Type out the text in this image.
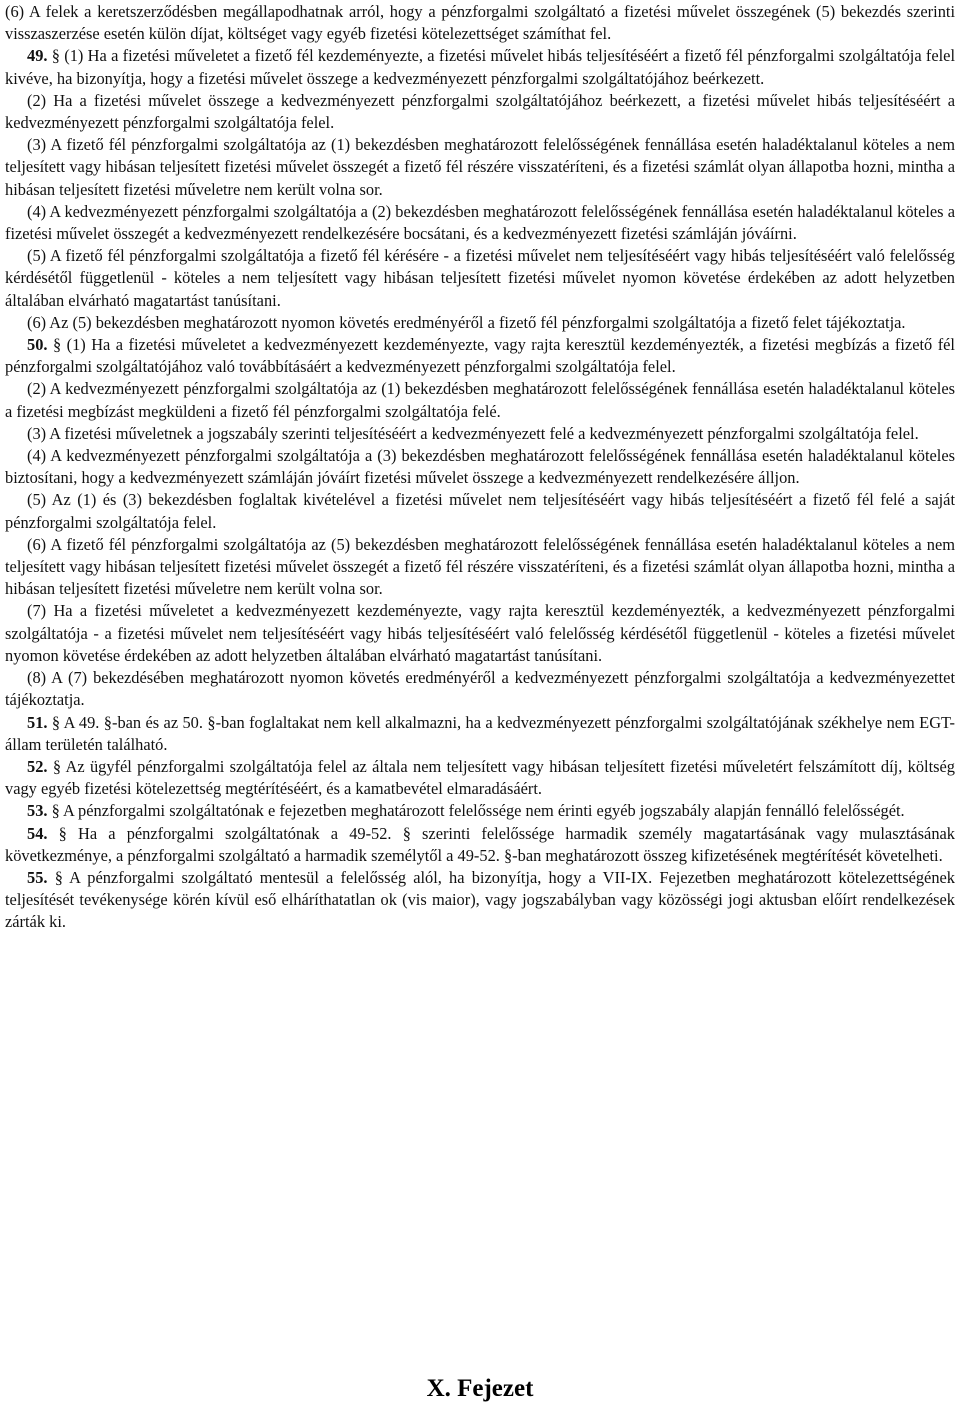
(6) A felek a keretszerződésben megállapodhatnak arról, hogy a pénzforgalmi szolgáltató a fizetési művelet összegének (5) bekezdés szerinti visszaszerzése esetén külön díjat, költséget vagy egyéb fizetési kötelezettséget számíthat fel.

49. § (1) Ha a fizetési műveletet a fizető fél kezdeményezte, a fizetési művelet hibás teljesítéséért a fizető fél pénzforgalmi szolgáltatója felel kivéve, ha bizonyítja, hogy a fizetési művelet összege a kedvezményezett pénzforgalmi szolgáltatójához beérkezett.

(2) Ha a fizetési művelet összege a kedvezményezett pénzforgalmi szolgáltatójához beérkezett, a fizetési művelet hibás teljesítéséért a kedvezményezett pénzforgalmi szolgáltatója felel.

(3) A fizető fél pénzforgalmi szolgáltatója az (1) bekezdésben meghatározott felelősségének fennállása esetén haladéktalanul köteles a nem teljesített vagy hibásan teljesített fizetési művelet összegét a fizető fél részére visszatéríteni, és a fizetési számlát olyan állapotba hozni, mintha a hibásan teljesített fizetési műveletre nem került volna sor.

(4) A kedvezményezett pénzforgalmi szolgáltatója a (2) bekezdésben meghatározott felelősségének fennállása esetén haladéktalanul köteles a fizetési művelet összegét a kedvezményezett rendelkezésére bocsátani, és a kedvezményezett fizetési számláján jóváírni.

(5) A fizető fél pénzforgalmi szolgáltatója a fizető fél kérésére - a fizetési művelet nem teljesítéséért vagy hibás teljesítéséért való felelősség kérdésétől függetlenül - köteles a nem teljesített vagy hibásan teljesített fizetési művelet nyomon követése érdekében az adott helyzetben általában elvárható magatartást tanúsítani.

(6) Az (5) bekezdésben meghatározott nyomon követés eredményéről a fizető fél pénzforgalmi szolgáltatója a fizető felet tájékoztatja.

50. § (1) Ha a fizetési műveletet a kedvezményezett kezdeményezte, vagy rajta keresztül kezdeményezték, a fizetési megbízás a fizető fél pénzforgalmi szolgáltatójához való továbbításáért a kedvezményezett pénzforgalmi szolgáltatója felel.

(2) A kedvezményezett pénzforgalmi szolgáltatója az (1) bekezdésben meghatározott felelősségének fennállása esetén haladéktalanul köteles a fizetési megbízást megküldeni a fizető fél pénzforgalmi szolgáltatója felé.

(3) A fizetési műveletnek a jogszabály szerinti teljesítéséért a kedvezményezett felé a kedvezményezett pénzforgalmi szolgáltatója felel.

(4) A kedvezményezett pénzforgalmi szolgáltatója a (3) bekezdésben meghatározott felelősségének fennállása esetén haladéktalanul köteles biztosítani, hogy a kedvezményezett számláján jóváírt fizetési művelet összege a kedvezményezett rendelkezésére álljon.

(5) Az (1) és (3) bekezdésben foglaltak kivételével a fizetési művelet nem teljesítéséért vagy hibás teljesítéséért a fizető fél felé a saját pénzforgalmi szolgáltatója felel.

(6) A fizető fél pénzforgalmi szolgáltatója az (5) bekezdésben meghatározott felelősségének fennállása esetén haladéktalanul köteles a nem teljesített vagy hibásan teljesített fizetési művelet összegét a fizető fél részére visszatéríteni, és a fizetési számlát olyan állapotba hozni, mintha a hibásan teljesített fizetési műveletre nem került volna sor.

(7) Ha a fizetési műveletet a kedvezményezett kezdeményezte, vagy rajta keresztül kezdeményezték, a kedvezményezett pénzforgalmi szolgáltatója - a fizetési művelet nem teljesítéséért vagy hibás teljesítéséért való felelősség kérdésétől függetlenül - köteles a fizetési művelet nyomon követése érdekében az adott helyzetben általában elvárható magatartást tanúsítani.

(8) A (7) bekezdésében meghatározott nyomon követés eredményéről a kedvezményezett pénzforgalmi szolgáltatója a kedvezményezettet tájékoztatja.

51. § A 49. §-ban és az 50. §-ban foglaltakat nem kell alkalmazni, ha a kedvezményezett pénzforgalmi szolgáltatójának székhelye nem EGT-állam területén található.

52. § Az ügyfél pénzforgalmi szolgáltatója felel az általa nem teljesített vagy hibásan teljesített fizetési műveletért felszámított díj, költség vagy egyéb fizetési kötelezettség megtérítéséért, és a kamatbevétel elmaradásáért.

53. § A pénzforgalmi szolgáltatónak e fejezetben meghatározott felelőssége nem érinti egyéb jogszabály alapján fennálló felelősségét.

54. § Ha a pénzforgalmi szolgáltatónak a 49-52. § szerinti felelőssége harmadik személy magatartásának vagy mulasztásának következménye, a pénzforgalmi szolgáltató a harmadik személytől a 49-52. §-ban meghatározott összeg kifizetésének megtérítését követelheti.

55. § A pénzforgalmi szolgáltató mentesül a felelősség alól, ha bizonyítja, hogy a VII-IX. Fejezetben meghatározott kötelezettségének teljesítését tevékenysége körén kívül eső elháríthatatlan ok (vis maior), vagy jogszabályban vagy közösségi jogi aktusban előírt rendelkezések zárták ki.

X. Fejezet
